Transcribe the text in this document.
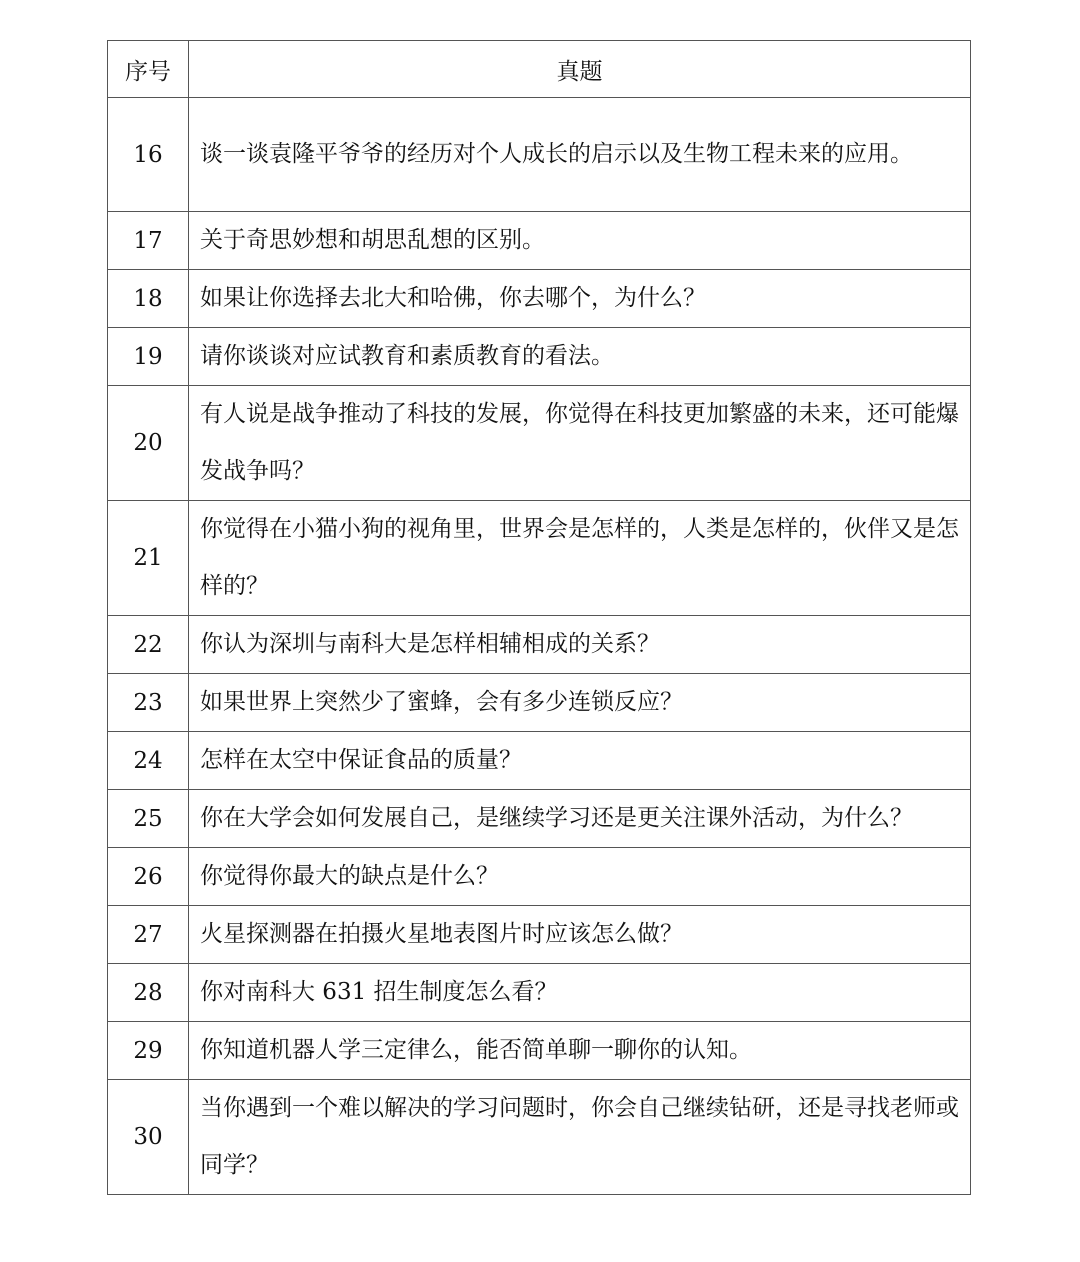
序号	真题
16	谈一谈袁隆平爷爷的经历对个人成长的启示以及生物工程未来的应用。
17	关于奇思妙想和胡思乱想的区别。
18	如果让你选择去北大和哈佛，你去哪个，为什么？
19	请你谈谈对应试教育和素质教育的看法。
20	有人说是战争推动了科技的发展，你觉得在科技更加繁盛的未来，还可能爆发战争吗？
21	你觉得在小猫小狗的视角里，世界会是怎样的，人类是怎样的，伙伴又是怎样的？
22	你认为深圳与南科大是怎样相辅相成的关系？
23	如果世界上突然少了蜜蜂，会有多少连锁反应？
24	怎样在太空中保证食品的质量？
25	你在大学会如何发展自己，是继续学习还是更关注课外活动，为什么？
26	你觉得你最大的缺点是什么？
27	火星探测器在拍摄火星地表图片时应该怎么做？
28	你对南科大 631 招生制度怎么看？
29	你知道机器人学三定律么，能否简单聊一聊你的认知。
30	当你遇到一个难以解决的学习问题时，你会自己继续钻研，还是寻找老师或同学？
